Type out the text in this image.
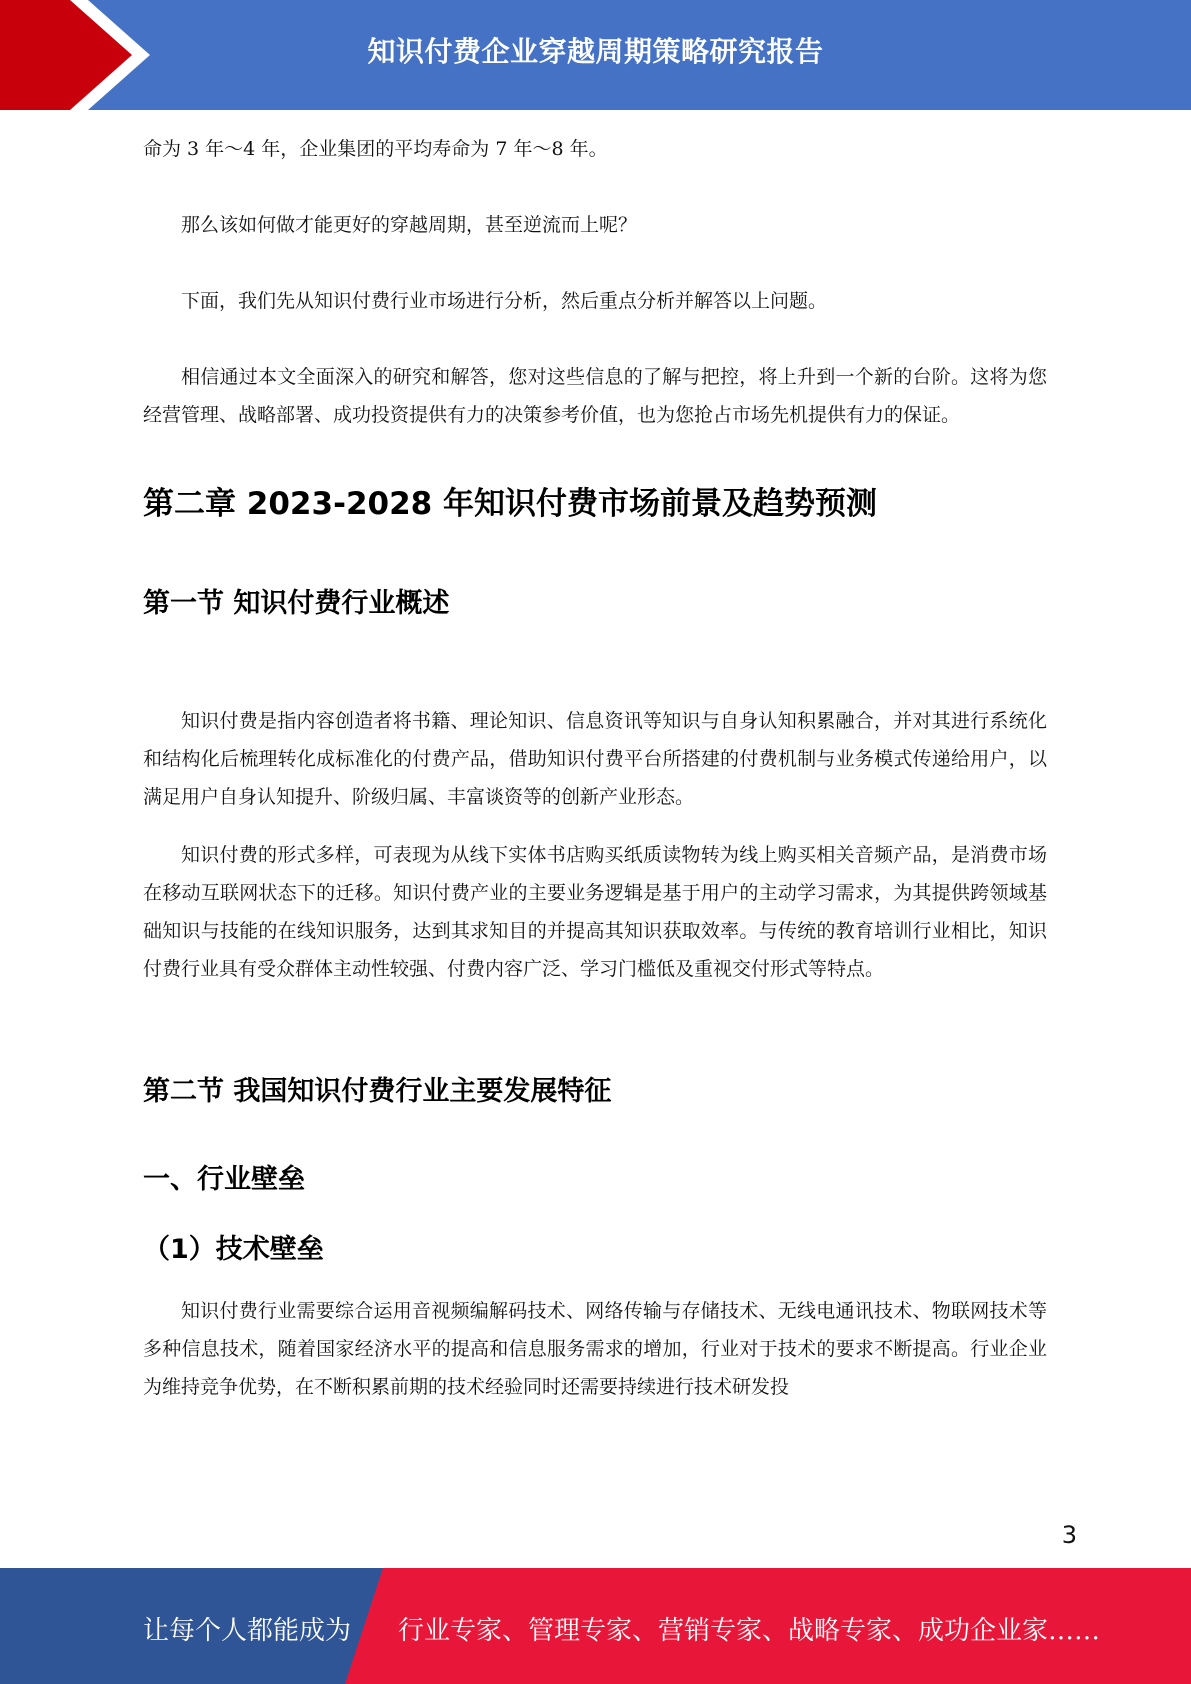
知识付费企业穿越周期策略研究报告

命为 3 年～4 年，企业集团的平均寿命为 7 年～8 年。

那么该如何做才能更好的穿越周期，甚至逆流而上呢？

下面，我们先从知识付费行业市场进行分析，然后重点分析并解答以上问题。

相信通过本文全面深入的研究和解答，您对这些信息的了解与把控，将上升到一个新的台阶。这将为您经营管理、战略部署、成功投资提供有力的决策参考价值，也为您抢占市场先机提供有力的保证。

第二章 2023-2028 年知识付费市场前景及趋势预测
第一节 知识付费行业概述

知识付费是指内容创造者将书籍、理论知识、信息资讯等知识与自身认知积累融合，并对其进行系统化和结构化后梳理转化成标准化的付费产品，借助知识付费平台所搭建的付费机制与业务模式传递给用户，以满足用户自身认知提升、阶级归属、丰富谈资等的创新产业形态。

知识付费的形式多样，可表现为从线下实体书店购买纸质读物转为线上购买相关音频产品，是消费市场在移动互联网状态下的迁移。知识付费产业的主要业务逻辑是基于用户的主动学习需求，为其提供跨领域基础知识与技能的在线知识服务，达到其求知目的并提高其知识获取效率。与传统的教育培训行业相比，知识付费行业具有受众群体主动性较强、付费内容广泛、学习门槛低及重视交付形式等特点。

第二节 我国知识付费行业主要发展特征
一、行业壁垒
（1）技术壁垒

知识付费行业需要综合运用音视频编解码技术、网络传输与存储技术、无线电通讯技术、物联网技术等多种信息技术，随着国家经济水平的提高和信息服务需求的增加，行业对于技术的要求不断提高。行业企业为维持竞争优势，在不断积累前期的技术经验同时还需要持续进行技术研发投

3
让每个人都能成为 行业专家、管理专家、营销专家、战略专家、成功企业家……
